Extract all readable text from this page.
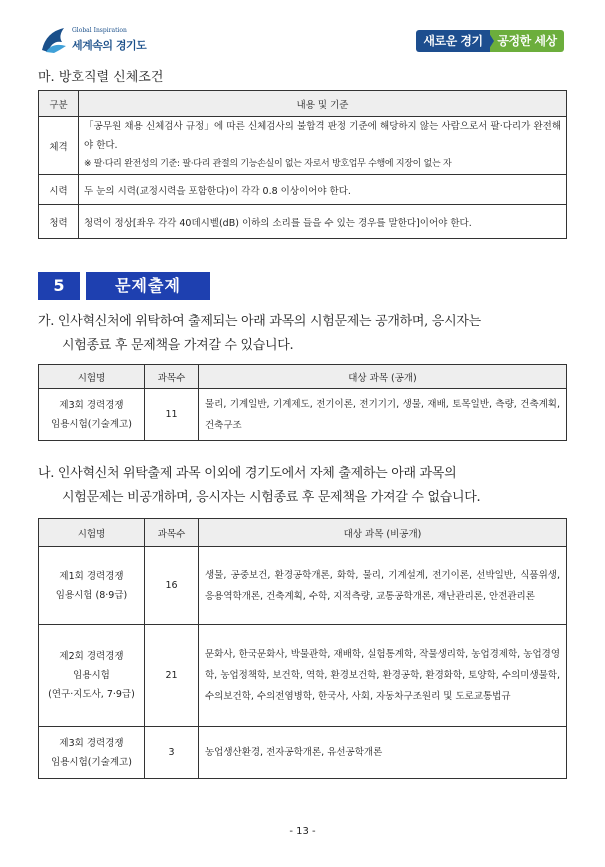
Global Inspiration
세계속의 경기도	새로운 경기	공정한 세상
마. 방호직렬 신체조건
구분	내용 및 기준
체격	「공무원 채용 신체검사 규정」에 따른 신체검사의 불합격 판정 기준에 해당하지 않는 사람으로서 팔·다리가 완전해야 한다.
※ 팔·다리 완전성의 기준: 팔·다리 관절의 기능손실이 없는 자로서 방호업무 수행에 지장이 없는 자

시력	두 눈의 시력(교정시력을 포함한다)이 각각 0.8 이상이어야 한다.
청력	청력이 정상[좌우 각각 40데시벨(dB) 이하의 소리를 들을 수 있는 경우를 말한다]이어야 한다.
5	문제출제
가. 인사혁신처에 위탁하여 출제되는 아래 과목의 시험문제는 공개하며, 응시자는
시험종료 후 문제책을 가져갈 수 있습니다.
시험명	과목수	대상 과목 (공개)

제3회 경력경쟁
임용시험(기술계고)	11	물리, 기계일반, 기계제도, 전기이론, 전기기기, 생물, 재배, 토목일반, 측량, 건축계획, 건축구조
나. 인사혁신처 위탁출제 과목 이외에 경기도에서 자체 출제하는 아래 과목의
시험문제는 비공개하며, 응시자는 시험종료 후 문제책을 가져갈 수 없습니다.
시험명	과목수	대상 과목 (비공개)

제1회 경력경쟁
임용시험 (8·9급)	16	생물, 공중보건, 환경공학개론, 화학, 물리, 기계설계, 전기이론, 선박일반, 식품위생, 응용역학개론, 건축계획, 수학, 지적측량, 교통공학개론, 재난관리론, 안전관리론

제2회 경력경쟁
임용시험
(연구·지도사, 7·9급)	21	문화사, 한국문화사, 박물관학, 재배학, 실험통계학, 작물생리학, 농업경제학, 농업경영학, 농업정책학, 보건학, 역학, 환경보건학, 환경공학, 환경화학, 토양학, 수의미생물학, 수의보건학, 수의전염병학, 한국사, 사회, 자동차구조원리 및 도로교통법규

제3회 경력경쟁
임용시험(기술계고)	3	농업생산환경, 전자공학개론, 유선공학개론
- 13 -
